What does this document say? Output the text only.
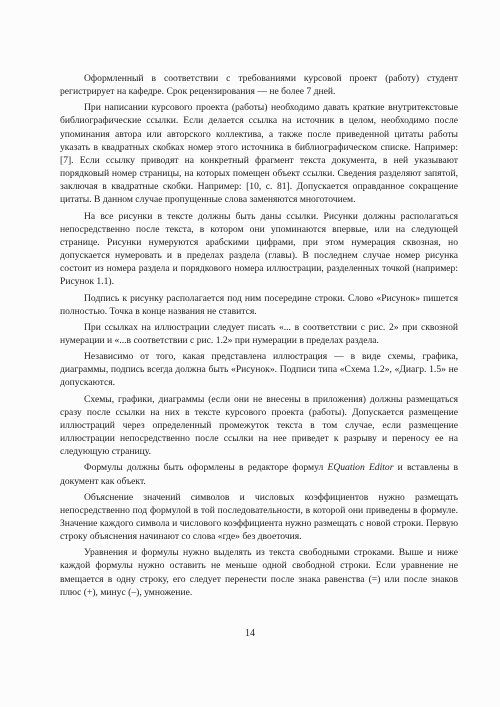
Оформленный в соответствии с требованиями курсовой проект (работу) студент регистрирует на кафедре. Срок рецензирования — не более 7 дней.

При написании курсового проекта (работы) необходимо давать краткие внутритекстовые библиографические ссылки. Если делается ссылка на источник в целом, необходимо после упоминания автора или авторского коллектива, а также после приведенной цитаты работы указать в квадратных скобках номер этого источника в библиографическом списке. Например: [7]. Если ссылку приводят на конкретный фрагмент текста документа, в ней указывают порядковый номер страницы, на которых помещен объект ссылки. Сведения разделяют запятой, заключая в квадратные скобки. Например: [10, с. 81]. Допускается оправданное сокращение цитаты. В данном случае пропущенные слова заменяются многоточием.

На все рисунки в тексте должны быть даны ссылки. Рисунки должны располагаться непосредственно после текста, в котором они упоминаются впервые, или на следующей странице. Рисунки нумеруются арабскими цифрами, при этом нумерация сквозная, но допускается нумеровать и в пределах раздела (главы). В последнем случае номер рисунка состоит из номера раздела и порядкового номера иллюстрации, разделенных точкой (например: Рисунок 1.1).

Подпись к рисунку располагается под ним посередине строки. Слово «Рисунок» пишется полностью. Точка в конце названия не ставится.

При ссылках на иллюстрации следует писать «... в соответствии с рис. 2» при сквозной нумерации и «...в соответствии с рис. 1.2» при нумерации в пределах раздела.

Независимо от того, какая представлена иллюстрация — в виде схемы, графика, диаграммы, подпись всегда должна быть «Рисунок». Подписи типа «Схема 1.2», «Диагр. 1.5» не допускаются.

Схемы, графики, диаграммы (если они не внесены в приложения) должны размещаться сразу после ссылки на них в тексте курсового проекта (работы). Допускается размещение иллюстраций через определенный промежуток текста в том случае, если размещение иллюстрации непосредственно после ссылки на нее приведет к разрыву и переносу ее на следующую страницу.

Формулы должны быть оформлены в редакторе формул EQuation Editor и вставлены в документ как объект.

Объяснение значений символов и числовых коэффициентов нужно размещать непосредственно под формулой в той последовательности, в которой они приведены в формуле. Значение каждого символа и числового коэффициента нужно размещать с новой строки. Первую строку объяснения начинают со слова «где» без двоеточия.

Уравнения и формулы нужно выделять из текста свободными строками. Выше и ниже каждой формулы нужно оставить не меньше одной свободной строки. Если уравнение не вмещается в одну строку, его следует перенести после знака равенства (=) или после знаков плюс (+), минус (–), умножение.

14
